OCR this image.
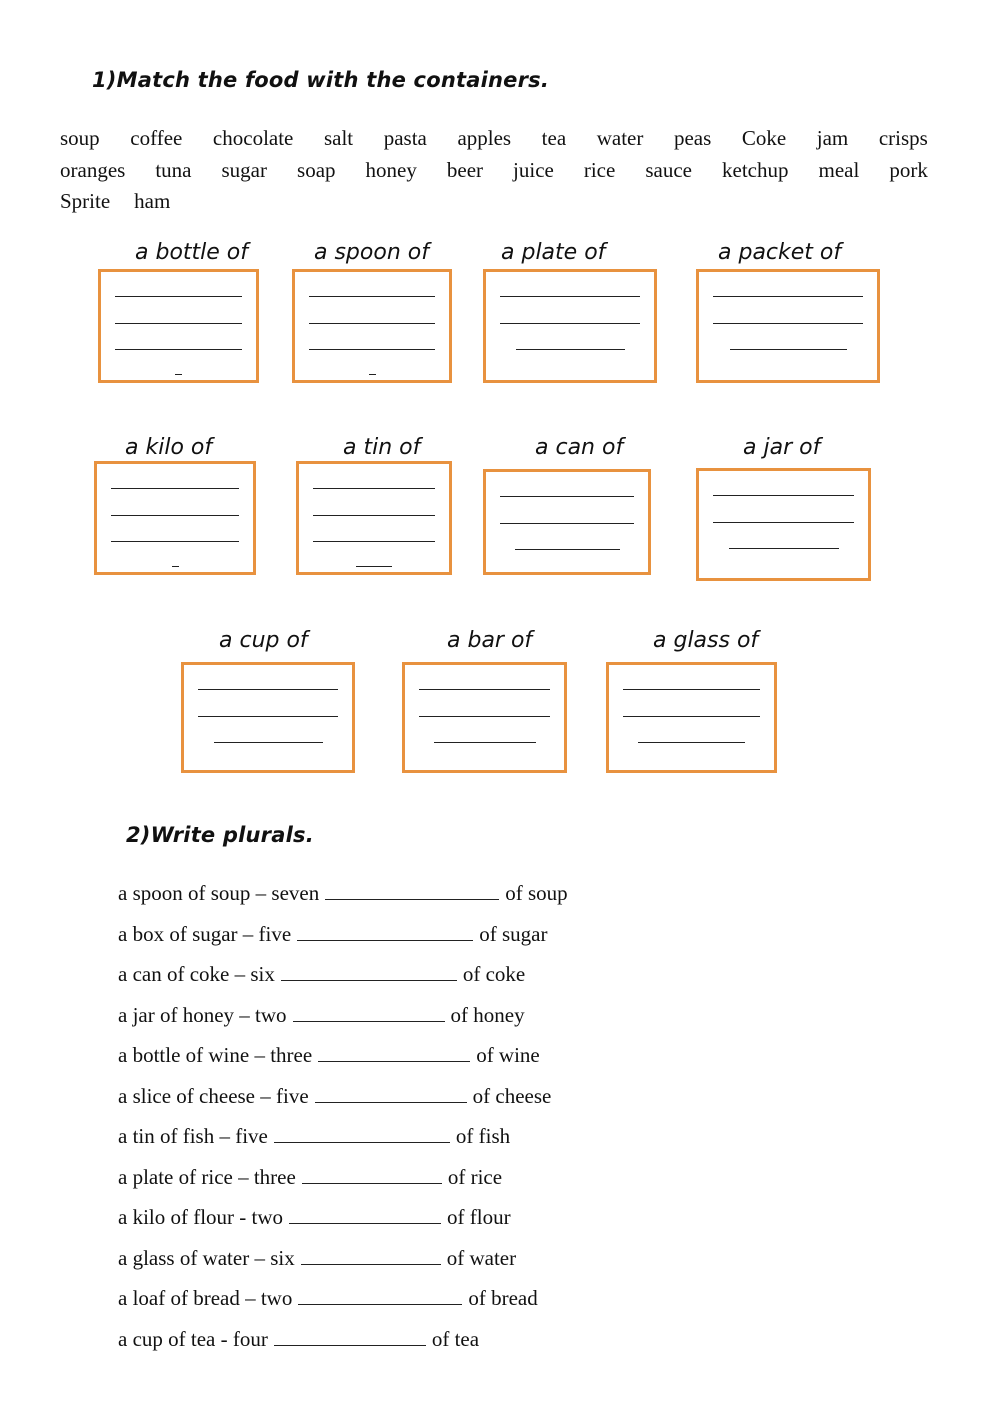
1)Match the food with the containers.
soup coffee chocolate salt pasta apples tea water peas Coke jam crisps
oranges tuna sugar soap honey beer juice rice sauce ketchup meal pork
Sprite ham
a bottle of	a spoon of	a plate of	a packet of
a kilo of	a tin of	a can of	a jar of
a cup of	a bar of	a glass of
2)Write plurals.
a spoon of soup – seven	of soup
a box of sugar – five	of sugar
a can of coke – six	of coke
a jar of honey – two	of honey
a bottle of wine – three	of wine
a slice of cheese – five	of cheese
a tin of fish – five	of fish
a plate of rice – three	of rice
a kilo of flour - two	of flour
a glass of water – six	of water
a loaf of bread – two	of bread
a cup of tea - four	of tea
